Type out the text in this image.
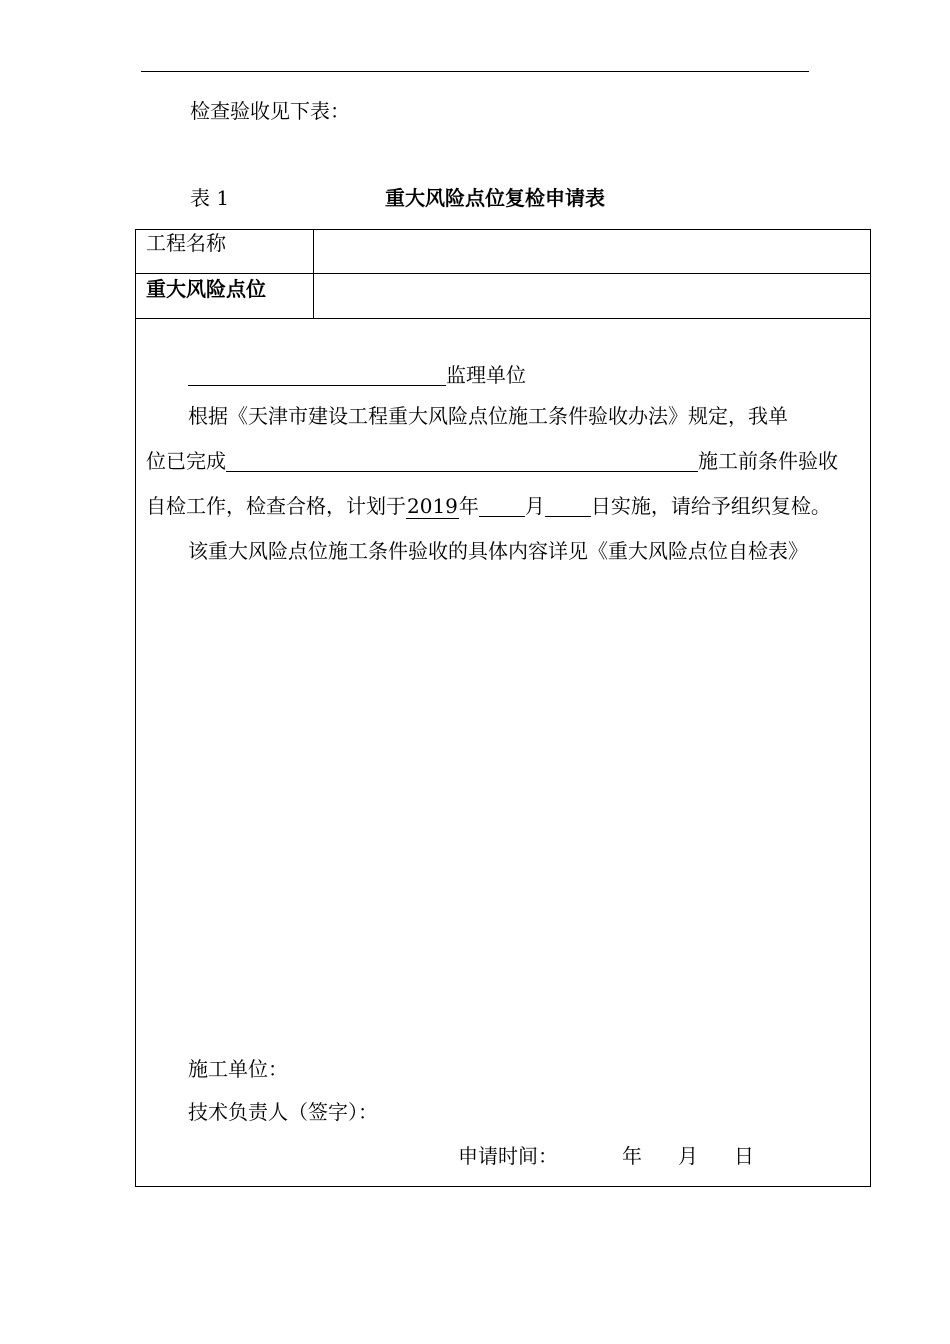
检查验收见下表：
表 1	重大风险点位复检申请表
工程名称
重大风险点位
监理单位
根据《天津市建设工程重大风险点位施工条件验收办法》规定，我单
位已完成	施工前条件验收
自检工作，检查合格，计划于2019年 月 日实施，请给予组织复检。
该重大风险点位施工条件验收的具体内容详见《重大风险点位自检表》
施工单位：
技术负责人（签字）：
申请时间：	年 月 日
